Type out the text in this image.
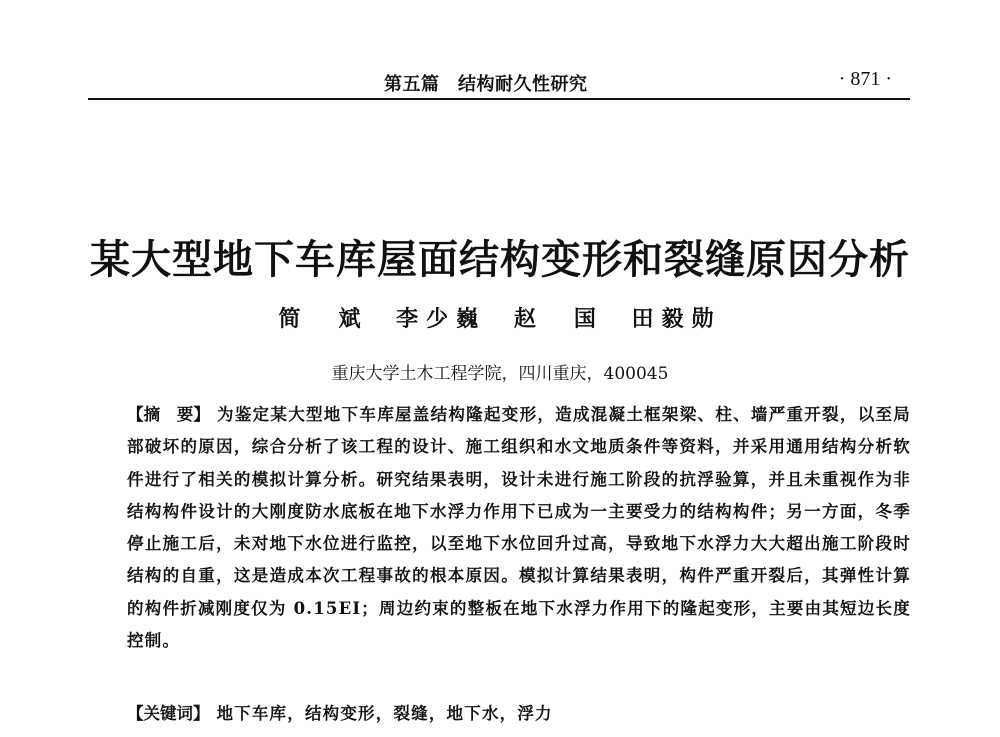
第五篇　结构耐久性研究	· 871 ·
某大型地下车库屋面结构变形和裂缝原因分析
简　斌 李少巍 赵　国 田毅勋
重庆大学土木工程学院，四川重庆，400045
【摘　要】 为鉴定某大型地下车库屋盖结构隆起变形，造成混凝土框架梁、柱、墙严重开裂，以至局部破坏的原因，综合分析了该工程的设计、施工组织和水文地质条件等资料，并采用通用结构分析软件进行了相关的模拟计算分析。研究结果表明，设计未进行施工阶段的抗浮验算，并且未重视作为非结构构件设计的大刚度防水底板在地下水浮力作用下已成为一主要受力的结构构件；另一方面，冬季停止施工后，未对地下水位进行监控，以至地下水位回升过高，导致地下水浮力大大超出施工阶段时结构的自重，这是造成本次工程事故的根本原因。模拟计算结果表明，构件严重开裂后，其弹性计算的构件折减刚度仅为 0.15EI；周边约束的整板在地下水浮力作用下的隆起变形，主要由其短边长度控制。
【关键词】 地下车库，结构变形，裂缝，地下水，浮力
